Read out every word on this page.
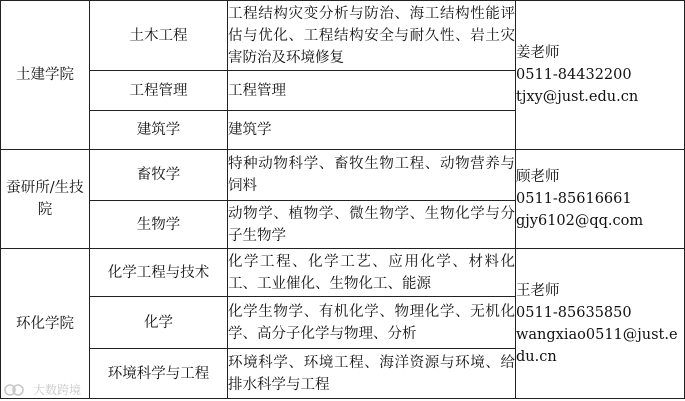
土建学院	土木工程	工程结构灾变分析与防治、海工结构性能评估与优化、工程结构安全与耐久性、岩土灾害防治及环境修复	姜老师
0511-84432200
tjxy@just.edu.cn

	工程管理	工程管理	
	建筑学	建筑学	
蚕研所/生技院	畜牧学	特种动物科学、畜牧生物工程、动物营养与饲料	顾老师
0511-85616661
gjy6102@qq.com

	生物学	动物学、植物学、微生物学、生物化学与分子生物学	
环化学院	化学工程与技术	化学工程、化学工艺、应用化学、材料化工、工业催化、生物化工、能源	王老师
0511-85635850
wangxiao0511@just.edu.cn

	化学	化学生物学、有机化学、物理化学、无机化学、高分子化学与物理、分析	
	环境科学与工程	环境科学、环境工程、海洋资源与环境、给排水科学与工程	
大数跨境
